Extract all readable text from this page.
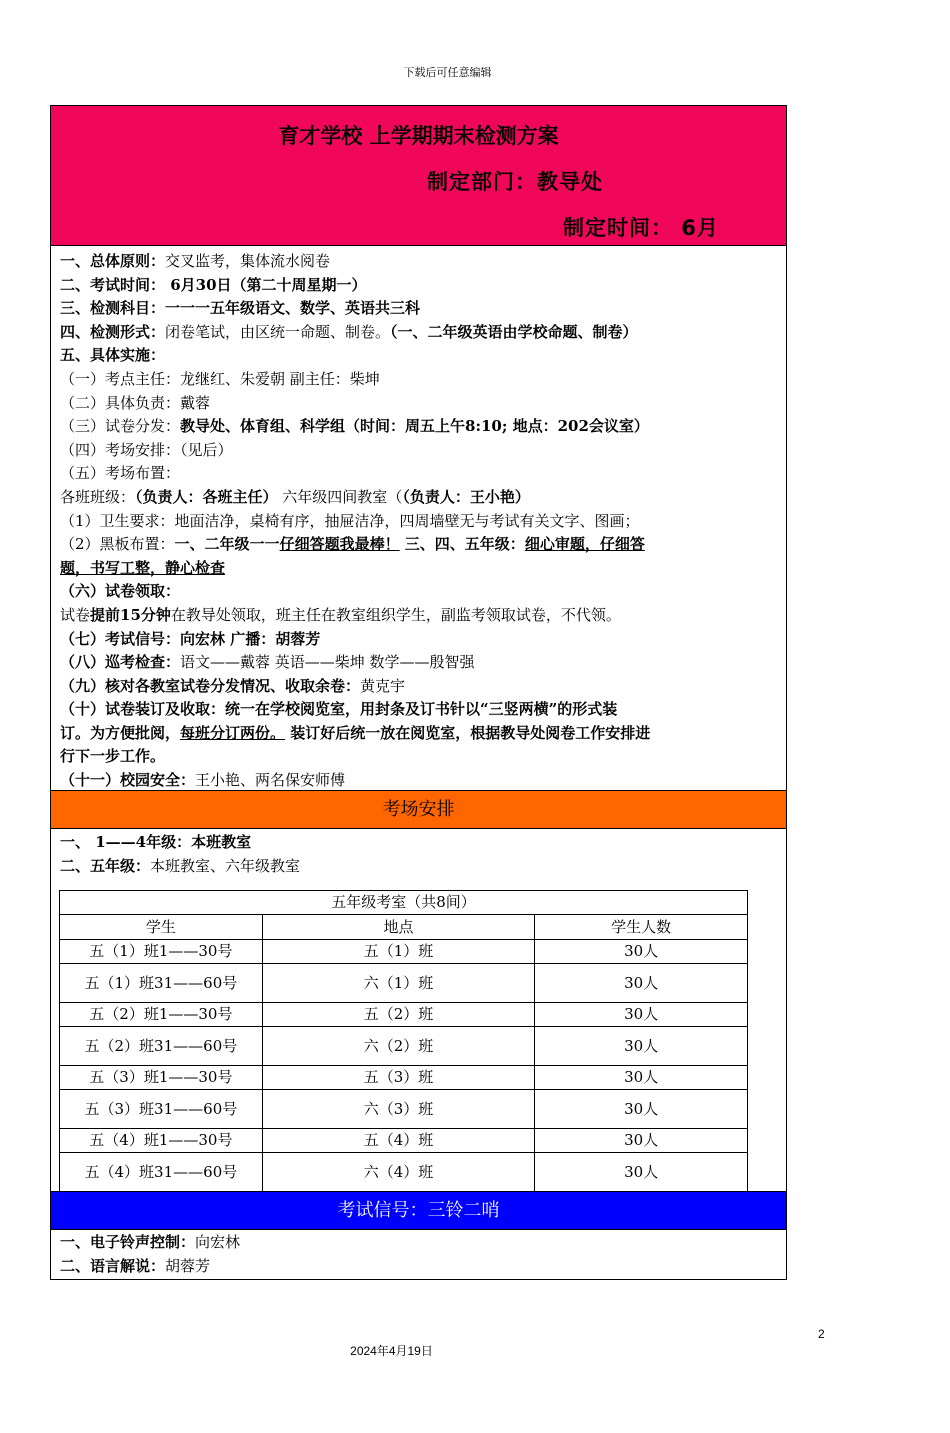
下载后可任意编辑
育才学校 上学期期末检测方案
制定部门：教导处
制定时间： 6月
一、总体原则：交叉监考，集体流水阅卷
二、考试时间： 6月30日（第二十周星期一）
三、检测科目：一一一五年级语文、数学、英语共三科
四、检测形式：闭卷笔试，由区统一命题、制卷。（一、二年级英语由学校命题、制卷）
五、具体实施：
（一）考点主任：龙继红、朱爱朝 副主任：柴坤
（二）具体负责：戴蓉
（三）试卷分发：教导处、体育组、科学组（时间：周五上午8:10; 地点：202会议室）
（四）考场安排：（见后）
（五）考场布置：
各班班级：（负责人：各班主任） 六年级四间教室（（负责人：王小艳）
（1）卫生要求：地面洁净，桌椅有序，抽屉洁净，四周墙壁无与考试有关文字、图画；
（2）黑板布置：一、二年级一一仔细答题我最棒！ 三、四、五年级：细心审题，仔细答
题，书写工整，静心检查
（六）试卷领取：
试卷提前15分钟在教导处领取，班主任在教室组织学生，副监考领取试卷，不代领。
（七）考试信号：向宏林 广播：胡蓉芳
（八）巡考检查：语文——戴蓉 英语——柴坤 数学——殷智强
（九）核对各教室试卷分发情况、收取余卷：黄克宇
（十）试卷装订及收取：统一在学校阅览室，用封条及订书针以“三竖两横”的形式装
订。为方便批阅，每班分订两份。 装订好后统一放在阅览室，根据教导处阅卷工作安排进
行下一步工作。
（十一）校园安全：王小艳、两名保安师傅
考场安排
一、 1——4年级：本班教室
二、五年级：本班教室、六年级教室
五年级考室（共8间）		
学生	地点	学生人数
五（1）班1——30号	五（1）班	30人
五（1）班31——60号	六（1）班	30人
五（2）班1——30号	五（2）班	30人
五（2）班31——60号	六（2）班	30人
五（3）班1——30号	五（3）班	30人
五（3）班31——60号	六（3）班	30人
五（4）班1——30号	五（4）班	30人
五（4）班31——60号	六（4）班	30人
考试信号：三铃二哨
一、电子铃声控制：向宏林
二、语言解说：胡蓉芳
2
2024年4月19日
